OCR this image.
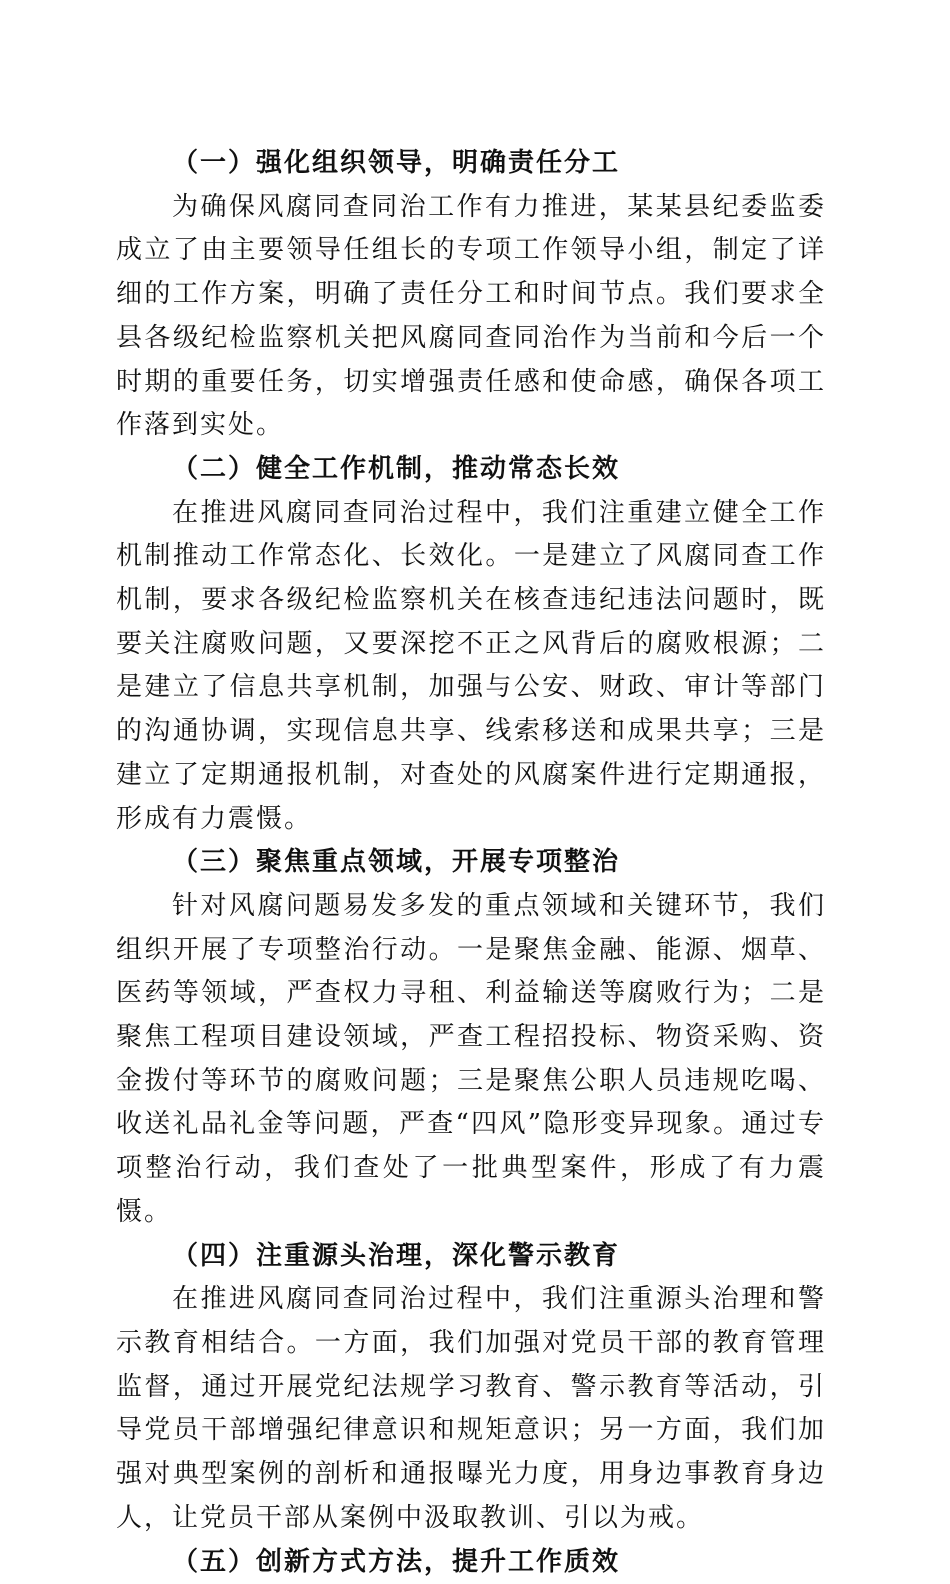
（一）强化组织领导，明确责任分工

为确保风腐同查同治工作有力推进，某某县纪委监委成立了由主要领导任组长的专项工作领导小组，制定了详细的工作方案，明确了责任分工和时间节点。我们要求全县各级纪检监察机关把风腐同查同治作为当前和今后一个时期的重要任务，切实增强责任感和使命感，确保各项工作落到实处。

（二）健全工作机制，推动常态长效

在推进风腐同查同治过程中，我们注重建立健全工作机制推动工作常态化、长效化。一是建立了风腐同查工作机制，要求各级纪检监察机关在核查违纪违法问题时，既要关注腐败问题，又要深挖不正之风背后的腐败根源；二是建立了信息共享机制，加强与公安、财政、审计等部门的沟通协调，实现信息共享、线索移送和成果共享；三是建立了定期通报机制，对查处的风腐案件进行定期通报，形成有力震慑。

（三）聚焦重点领域，开展专项整治

针对风腐问题易发多发的重点领域和关键环节，我们组织开展了专项整治行动。一是聚焦金融、能源、烟草、医药等领域，严查权力寻租、利益输送等腐败行为；二是聚焦工程项目建设领域，严查工程招投标、物资采购、资金拨付等环节的腐败问题；三是聚焦公职人员违规吃喝、收送礼品礼金等问题，严查“四风”隐形变异现象。通过专项整治行动，我们查处了一批典型案件，形成了有力震慑。

（四）注重源头治理，深化警示教育

在推进风腐同查同治过程中，我们注重源头治理和警示教育相结合。一方面，我们加强对党员干部的教育管理监督，通过开展党纪法规学习教育、警示教育等活动，引导党员干部增强纪律意识和规矩意识；另一方面，我们加强对典型案例的剖析和通报曝光力度，用身边事教育身边人，让党员干部从案例中汲取教训、引以为戒。

（五）创新方式方法，提升工作质效
